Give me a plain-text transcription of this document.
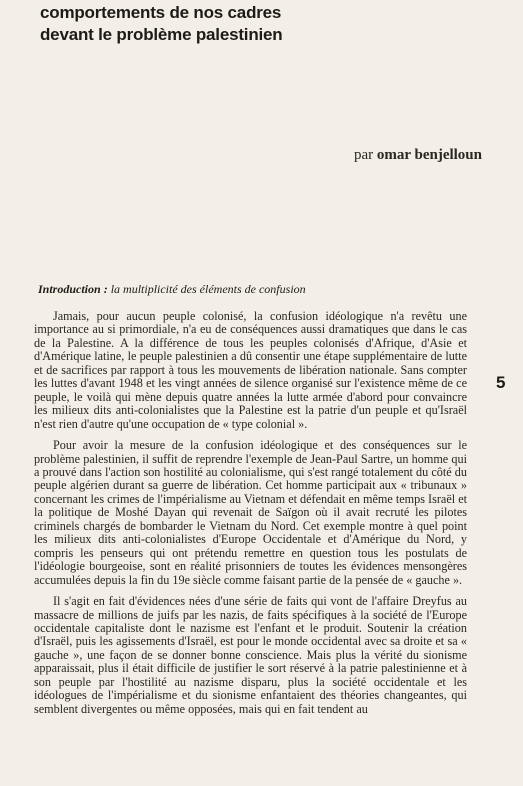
comportements de nos cadres
devant le problème palestinien
par omar benjelloun
Introduction : la multiplicité des éléments de confusion
5

Jamais, pour aucun peuple colonisé, la confusion idéologique n'a revêtu une importance au si primordiale, n'a eu de conséquences aussi dramatiques que dans le cas de la Palestine. A la différence de tous les peuples colonisés d'Afrique, d'Asie et d'Amérique latine, le peuple palestinien a dû consentir une étape supplémentaire de lutte et de sacrifices par rapport à tous les mouvements de libération nationale. Sans compter les luttes d'avant 1948 et les vingt années de silence organisé sur l'existence même de ce peuple, le voilà qui mène depuis quatre années la lutte armée d'abord pour convaincre les milieux dits anti-colonialistes que la Palestine est la patrie d'un peuple et qu'Israël n'est rien d'autre qu'une occupation de « type colonial ».

Pour avoir la mesure de la confusion idéologique et des conséquences sur le problème palestinien, il suffit de reprendre l'exemple de Jean-Paul Sartre, un homme qui a prouvé dans l'action son hostilité au colonialisme, qui s'est rangé totalement du côté du peuple algérien durant sa guerre de libération. Cet homme participait aux « tribunaux » concernant les crimes de l'impérialisme au Vietnam et défendait en même temps Israël et la politique de Moshé Dayan qui revenait de Saïgon où il avait recruté les pilotes criminels chargés de bombarder le Vietnam du Nord. Cet exemple montre à quel point les milieux dits anti-colonialistes d'Europe Occidentale et d'Amérique du Nord, y compris les penseurs qui ont prétendu remettre en question tous les postulats de l'idéologie bourgeoise, sont en réalité prisonniers de toutes les évidences mensongères accumulées depuis la fin du 19e siècle comme faisant partie de la pensée de « gauche ».

Il s'agit en fait d'évidences nées d'une série de faits qui vont de l'affaire Dreyfus au massacre de millions de juifs par les nazis, de faits spécifiques à la société de l'Europe occidentale capitaliste dont le nazisme est l'enfant et le produit. Soutenir la création d'Israël, puis les agissements d'Israël, est pour le monde occidental avec sa droite et sa « gauche », une façon de se donner bonne conscience. Mais plus la vérité du sionisme apparaissait, plus il était difficile de justifier le sort réservé à la patrie palestinienne et à son peuple par l'hostilité au nazisme disparu, plus la société occidentale et les idéologues de l'impérialisme et du sionisme enfantaient des théories changeantes, qui semblent divergentes ou même opposées, mais qui en fait tendent au
